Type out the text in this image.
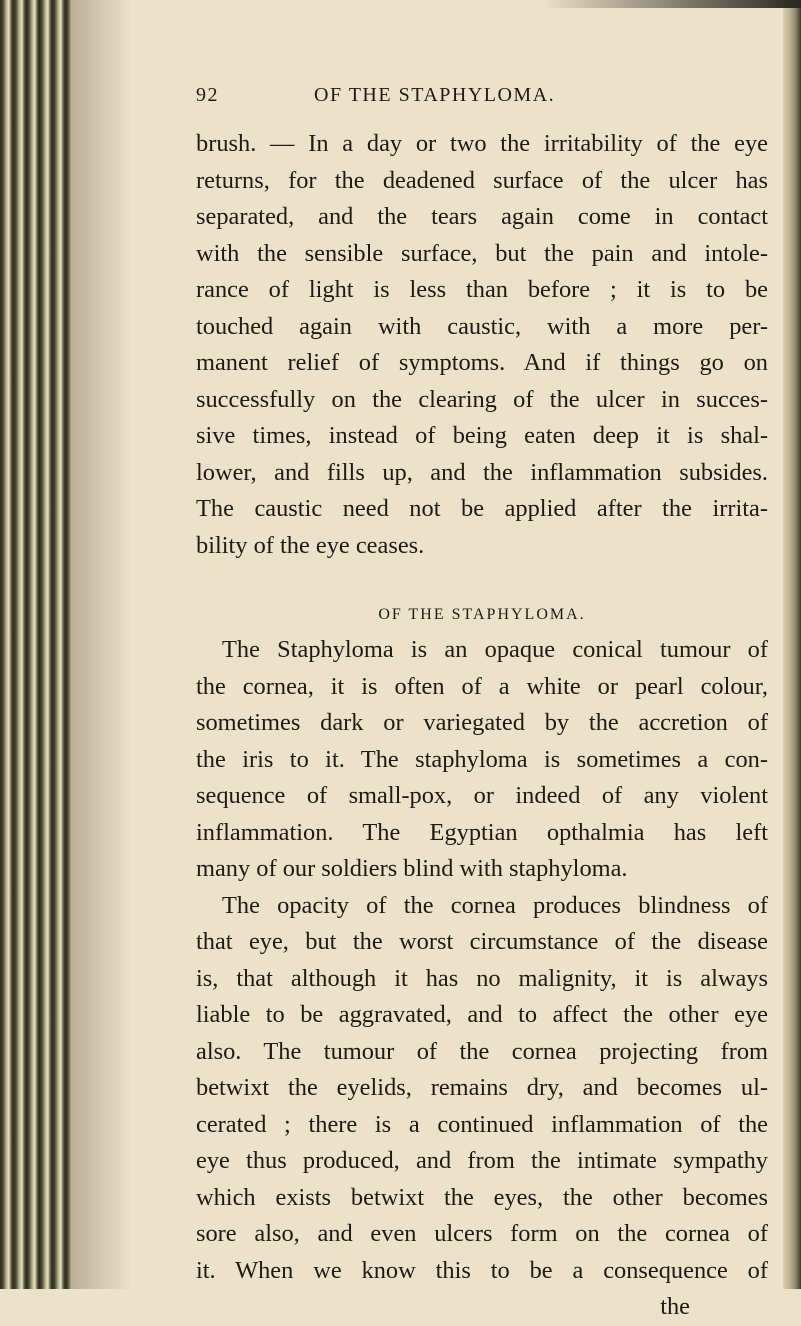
92	OF THE STAPHYLOMA.

brush. — In a day or two the irritability of the eye
returns, for the deadened surface of the ulcer has
separated, and the tears again come in contact
with the sensible surface, but the pain and intole-
rance of light is less than before ; it is to be
touched again with caustic, with a more per-
manent relief of symptoms. And if things go on
successfully on the clearing of the ulcer in succes-
sive times, instead of being eaten deep it is shal-
lower, and fills up, and the inflammation subsides.
The caustic need not be applied after the irrita-
bility of the eye ceases.

OF THE STAPHYLOMA.

The Staphyloma is an opaque conical tumour of

the cornea, it is often of a white or pearl colour,
sometimes dark or variegated by the accretion of
the iris to it. The staphyloma is sometimes a con-
sequence of small-pox, or indeed of any violent
inflammation. The Egyptian opthalmia has left
many of our soldiers blind with staphyloma.

The opacity of the cornea produces blindness of

that eye, but the worst circumstance of the disease
is, that although it has no malignity, it is always
liable to be aggravated, and to affect the other eye
also. The tumour of the cornea projecting from
betwixt the eyelids, remains dry, and becomes ul-
cerated ; there is a continued inflammation of the
eye thus produced, and from the intimate sympathy
which exists betwixt the eyes, the other becomes
sore also, and even ulcers form on the cornea of
it. When we know this to be a consequence of
the
